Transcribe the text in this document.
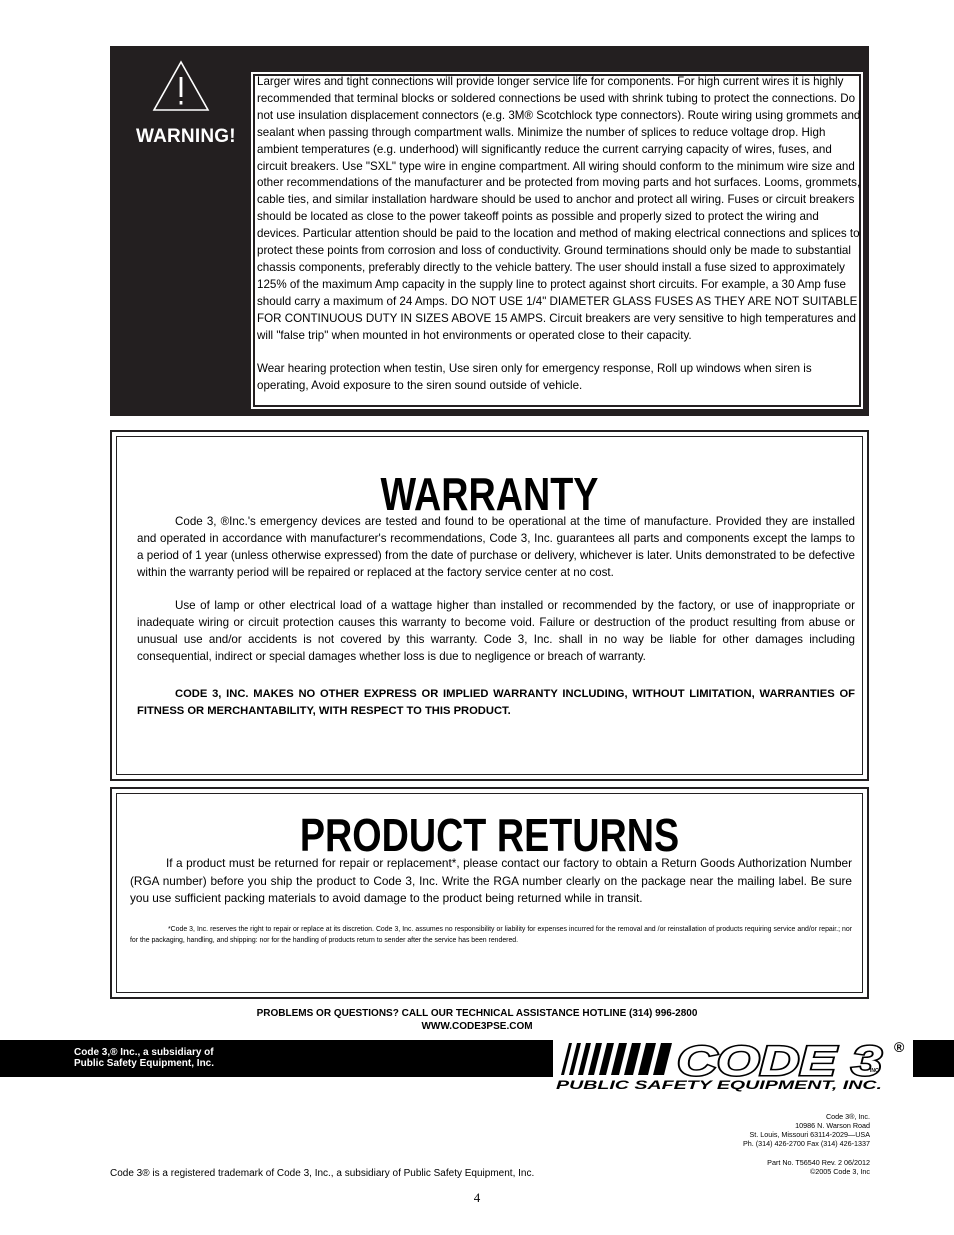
WARNING!
Larger wires and tight connections will provide longer service life for components. For high current wires it is highly recommended that terminal blocks or soldered connections be used with shrink tubing to protect the connections. Do not use insulation displacement connectors (e.g. 3M® Scotchlock type connectors). Route wiring using grommets and sealant when passing through compartment walls. Minimize the number of splices to reduce voltage drop. High ambient temperatures (e.g. underhood) will significantly reduce the current carrying capacity of wires, fuses, and circuit breakers. Use "SXL" type wire in engine compartment. All wiring should conform to the minimum wire size and other recommendations of the manufacturer and be protected from moving parts and hot surfaces. Looms, grommets, cable ties, and similar installation hardware should be used to anchor and protect all wiring. Fuses or circuit breakers should be located as close to the power takeoff points as possible and properly sized to protect the wiring and devices. Particular attention should be paid to the location and method of making electrical connections and splices to protect these points from corrosion and loss of conductivity. Ground terminations should only be made to substantial chassis components, preferably directly to the vehicle battery. The user should install a fuse sized to approximately 125% of the maximum Amp capacity in the supply line to protect against short circuits. For example, a 30 Amp fuse should carry a maximum of 24 Amps. DO NOT USE 1/4" DIAMETER GLASS FUSES AS THEY ARE NOT SUITABLE FOR CONTINUOUS DUTY IN SIZES ABOVE 15 AMPS. Circuit breakers are very sensitive to high temperatures and will "false trip" when mounted in hot environments or operated close to their capacity.

Wear hearing protection when testin, Use siren only for emergency response, Roll up windows when siren is operating, Avoid exposure to the siren sound outside of vehicle.
WARRANTY
Code 3, ®Inc.'s emergency devices are tested and found to be operational at the time of manufacture. Provided they are installed and operated in accordance with manufacturer's recommendations, Code 3, Inc. guarantees all parts and components except the lamps to a period of 1 year (unless otherwise expressed) from the date of purchase or delivery, whichever is later. Units demonstrated to be defective within the warranty period will be repaired or replaced at the factory service center at no cost.
Use of lamp or other electrical load of a wattage higher than installed or recommended by the factory, or use of inappropriate or inadequate wiring or circuit protection causes this warranty to become void. Failure or destruction of the product resulting from abuse or unusual use and/or accidents is not covered by this warranty. Code 3, Inc. shall in no way be liable for other damages including consequential, indirect or special damages whether loss is due to negligence or breach of warranty.
CODE 3, INC. MAKES NO OTHER EXPRESS OR IMPLIED WARRANTY INCLUDING, WITHOUT LIMITATION, WARRANTIES OF FITNESS OR MERCHANTABILITY, WITH RESPECT TO THIS PRODUCT.
PRODUCT RETURNS
If a product must be returned for repair or replacement*, please contact our factory to obtain a Return Goods Authorization Number (RGA number) before you ship the product to Code 3, Inc. Write the RGA number clearly on the package near the mailing label. Be sure you use sufficient packing materials to avoid damage to the product being returned while in transit.
*Code 3, Inc. reserves the right to repair or replace at its discretion. Code 3, Inc. assumes no responsibility or liability for expenses incurred for the removal and /or reinstallation of products requiring service and/or repair.; nor for the packaging, handling, and shipping: nor for the handling of products return to sender after the service has been rendered.
PROBLEMS OR QUESTIONS? CALL OUR TECHNICAL ASSISTANCE HOTLINE (314) 996-2800
WWW.CODE3PSE.COM
Code 3,® Inc., a subsidiary of
Public Safety Equipment, Inc.	CODE 3 ®
INC
PUBLIC SAFETY EQUIPMENT, INC.
Code 3®, Inc.
10986 N. Warson Road
St. Louis, Missouri 63114-2029—USA
Ph. (314) 426-2700 Fax (314) 426-1337
Part No. T56540 Rev. 2 06/2012
©2005 Code 3, Inc
Code 3® is a registered trademark of Code 3, Inc., a subsidiary of Public Safety Equipment, Inc.
4
